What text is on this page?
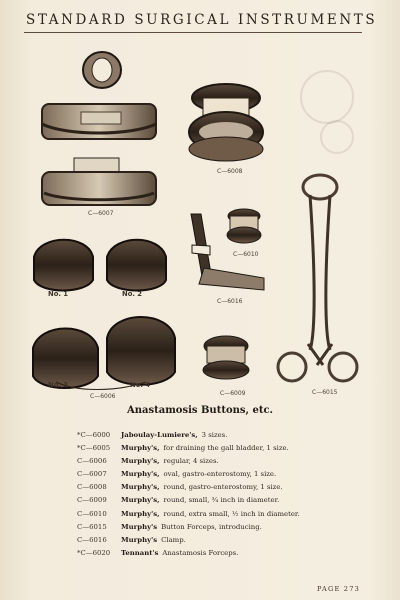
STANDARD SURGICAL INSTRUMENTS
C—6007
C—6008
C—6010
C—6016
C—6009
C—6006
C—6015
No. 1	No. 2
No. 3	No. 4
Anastamosis Buttons, etc.
*C—6000	Jaboulay-Lumiere's, 3 sizes.
*C—6005	Murphy's, for draining the gall bladder, 1 size.
C—6006	Murphy's, regular, 4 sizes.
C—6007	Murphy's, oval, gastro-enterostomy, 1 size.
C—6008	Murphy's, round, gastro-enterostomy, 1 size.
C—6009	Murphy's, round, small, ¾ inch in diameter.
C—6010	Murphy's, round, extra small, ½ inch in diameter.
C—6015	Murphy's Button Forceps, introducing.
C—6016	Murphy's Clamp.
*C—6020	Tennant's Anastamosis Forceps.
PAGE 273
